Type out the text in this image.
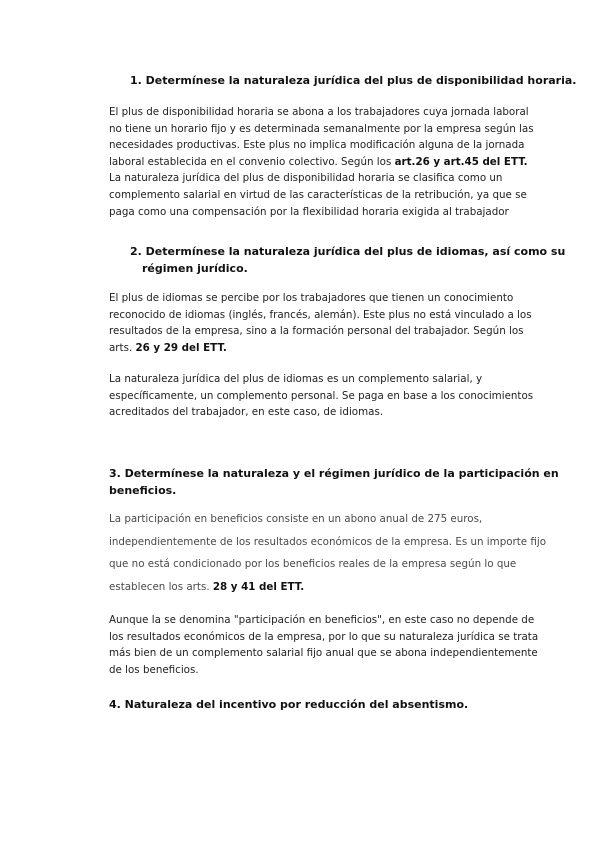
1. Determínese la naturaleza jurídica del plus de disponibilidad horaria.
El plus de disponibilidad horaria se abona a los trabajadores cuya jornada laboral
no tiene un horario fijo y es determinada semanalmente por la empresa según las
necesidades productivas. Este plus no implica modificación alguna de la jornada
laboral establecida en el convenio colectivo. Según los art.26 y art.45 del ETT.
La naturaleza jurídica del plus de disponibilidad horaria se clasifica como un
complemento salarial en virtud de las características de la retribución, ya que se
paga como una compensación por la flexibilidad horaria exigida al trabajador
2. Determínese la naturaleza jurídica del plus de idiomas, así como su
régimen jurídico.
El plus de idiomas se percibe por los trabajadores que tienen un conocimiento
reconocido de idiomas (inglés, francés, alemán). Este plus no está vinculado a los
resultados de la empresa, sino a la formación personal del trabajador. Según los
arts. 26 y 29 del ETT.
La naturaleza jurídica del plus de idiomas es un complemento salarial, y
específicamente, un complemento personal. Se paga en base a los conocimientos
acreditados del trabajador, en este caso, de idiomas.
3. Determínese la naturaleza y el régimen jurídico de la participación en
beneficios.
La participación en beneficios consiste en un abono anual de 275 euros,
independientemente de los resultados económicos de la empresa. Es un importe fijo
que no está condicionado por los beneficios reales de la empresa según lo que
establecen los arts. 28 y 41 del ETT.
Aunque la se denomina "participación en beneficios", en este caso no depende de
los resultados económicos de la empresa, por lo que su naturaleza jurídica se trata
más bien de un complemento salarial fijo anual que se abona independientemente
de los beneficios.
4. Naturaleza del incentivo por reducción del absentismo.
